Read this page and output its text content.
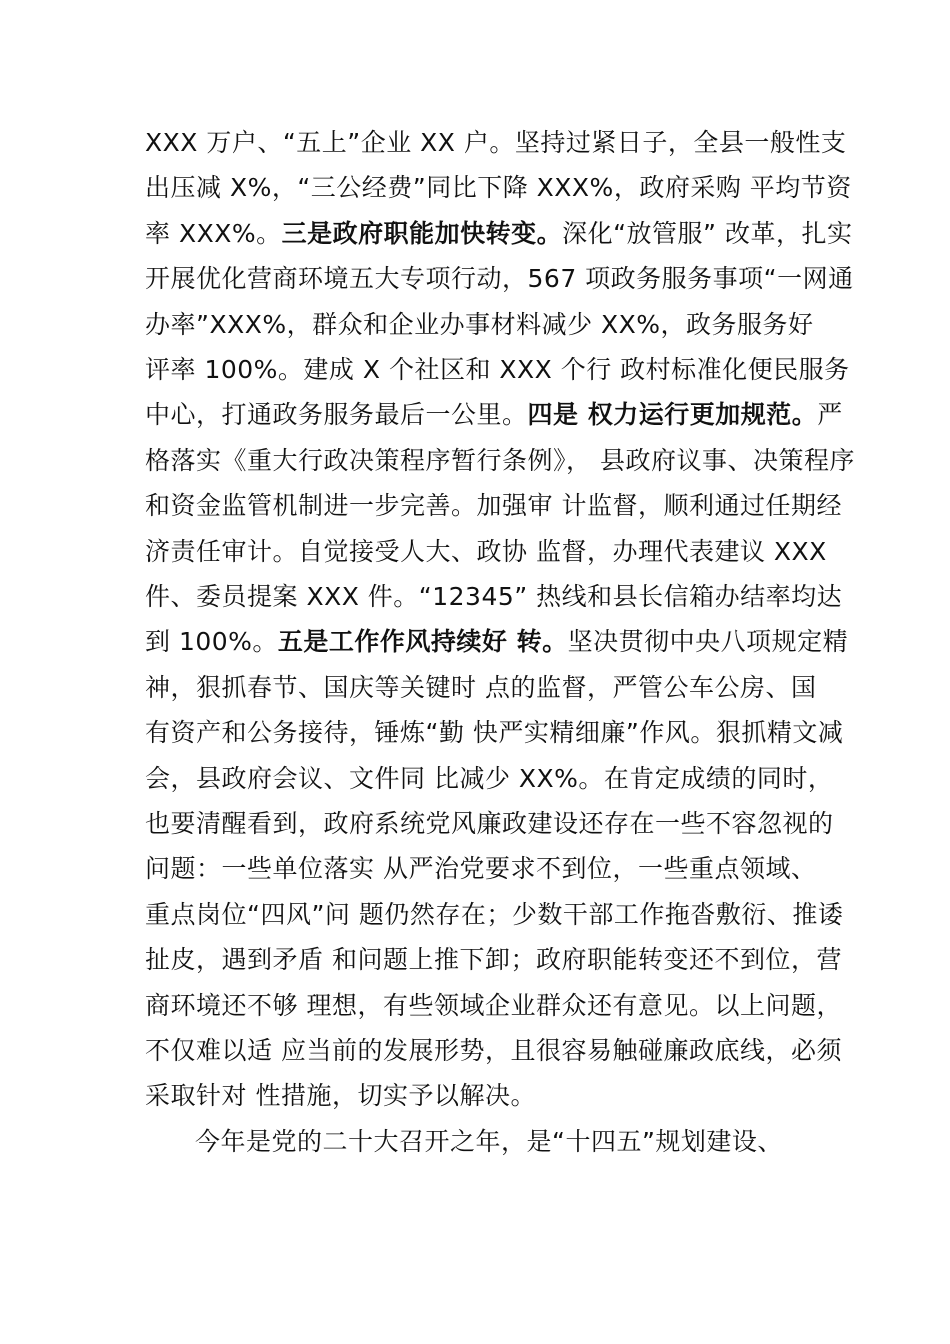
XXX 万户、“五上”企业 XX 户。坚持过紧日子，全县一般性支
出压减 X%，“三公经费”同比下降 XXX%，政府采购 平均节资
率 XXX%。三是政府职能加快转变。深化“放管服” 改革，扎实
开展优化营商环境五大专项行动，567 项政务服务事项“一网通
办率”XXX%，群众和企业办事材料减少 XX%，政务服务好
评率 100%。建成 X 个社区和 XXX 个行 政村标准化便民服务
中心，打通政务服务最后一公里。四是 权力运行更加规范。严
格落实《重大行政决策程序暂行条例》， 县政府议事、决策程序
和资金监管机制进一步完善。加强审 计监督，顺利通过任期经
济责任审计。自觉接受人大、政协 监督，办理代表建议 XXX
件、委员提案 XXX 件。“12345” 热线和县长信箱办结率均达
到 100%。五是工作作风持续好 转。坚决贯彻中央八项规定精
神，狠抓春节、国庆等关键时 点的监督，严管公车公房、国
有资产和公务接待，锤炼“勤 快严实精细廉”作风。狠抓精文减
会，县政府会议、文件同 比减少 XX%。在肯定成绩的同时，
也要清醒看到，政府系统党风廉政建设还存在一些不容忽视的
问题：一些单位落实 从严治党要求不到位，一些重点领域、
重点岗位“四风”问 题仍然存在；少数干部工作拖沓敷衍、推诿
扯皮，遇到矛盾 和问题上推下卸；政府职能转变还不到位，营
商环境还不够 理想，有些领域企业群众还有意见。以上问题，
不仅难以适 应当前的发展形势，且很容易触碰廉政底线，必须
采取针对 性措施，切实予以解决。
今年是党的二十大召开之年，是“十四五”规划建设、
